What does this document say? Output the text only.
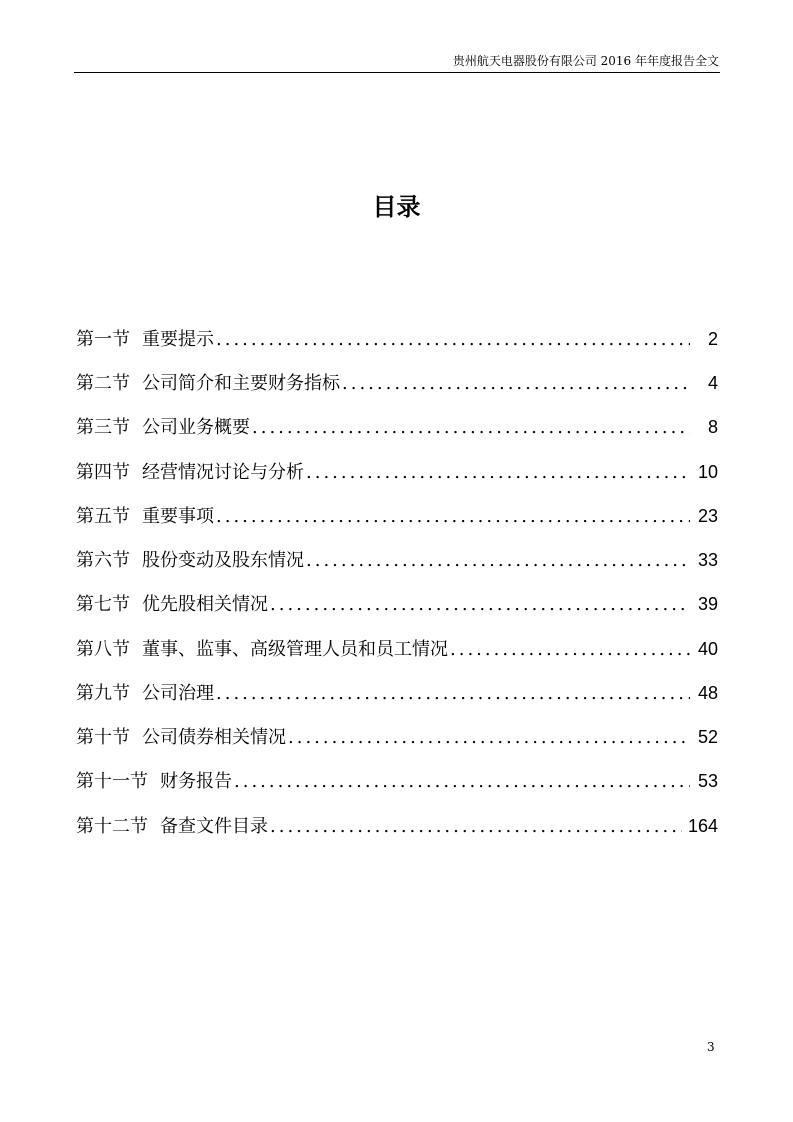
贵州航天电器股份有限公司 2016 年年度报告全文
目录
第一节 重要提示 .....	2
第二节 公司简介和主要财务指标 .....	4
第三节 公司业务概要 .....	8
第四节 经营情况讨论与分析 .....	10
第五节 重要事项 .....	23
第六节 股份变动及股东情况 .....	33
第七节 优先股相关情况 .....	39
第八节 董事、监事、高级管理人员和员工情况 .....	40
第九节 公司治理 .....	48
第十节 公司债券相关情况 .....	52
第十一节 财务报告 .....	53
第十二节 备查文件目录 .....	164
3
